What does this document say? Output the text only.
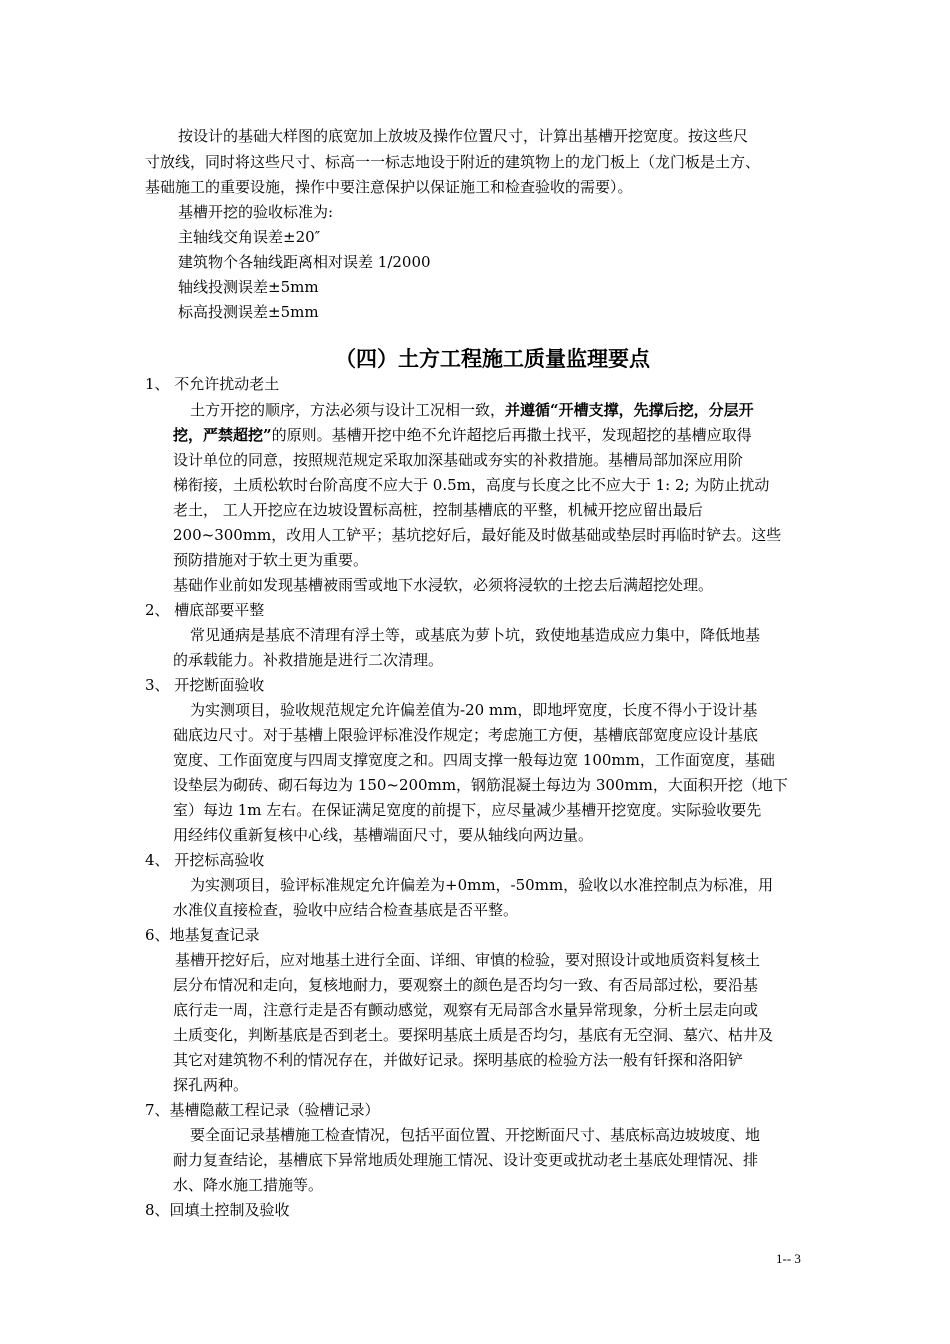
按设计的基础大样图的底宽加上放坡及操作位置尺寸，计算出基槽开挖宽度。按这些尺
寸放线，同时将这些尺寸、标高一一标志地设于附近的建筑物上的龙门板上（龙门板是土方、
基础施工的重要设施，操作中要注意保护以保证施工和检查验收的需要）。
基槽开挖的验收标准为:
主轴线交角误差±20″
建筑物个各轴线距离相对误差 1/2000
轴线投测误差±5mm
标高投测误差±5mm
（四）土方工程施工质量监理要点
1、 不允许扰动老土
土方开挖的顺序，方法必须与设计工况相一致，并遵循“开槽支撑，先撑后挖，分层开
挖，严禁超挖”的原则。基槽开挖中绝不允许超挖后再撒土找平，发现超挖的基槽应取得
设计单位的同意，按照规范规定采取加深基础或夯实的补救措施。基槽局部加深应用阶
梯衔接，土质松软时台阶高度不应大于 0.5m，高度与长度之比不应大于 1: 2; 为防止扰动
老土， 工人开挖应在边坡设置标高桩，控制基槽底的平整，机械开挖应留出最后
200~300mm，改用人工铲平；基坑挖好后，最好能及时做基础或垫层时再临时铲去。这些
预防措施对于软土更为重要。
基础作业前如发现基槽被雨雪或地下水浸软，必须将浸软的土挖去后满超挖处理。
2、 槽底部要平整
常见通病是基底不清理有浮土等，或基底为萝卜坑，致使地基造成应力集中，降低地基
的承载能力。补救措施是进行二次清理。
3、 开挖断面验收
为实测项目，验收规范规定允许偏差值为-20 mm，即地坪宽度，长度不得小于设计基
础底边尺寸。对于基槽上限验评标准没作规定；考虑施工方便，基槽底部宽度应设计基底
宽度、工作面宽度与四周支撑宽度之和。四周支撑一般每边宽 100mm，工作面宽度，基础
设垫层为砌砖、砌石每边为 150~200mm，钢筋混凝土每边为 300mm，大面积开挖（地下
室）每边 1m 左右。在保证满足宽度的前提下，应尽量减少基槽开挖宽度。实际验收要先
用经纬仪重新复核中心线，基槽端面尺寸，要从轴线向两边量。
4、 开挖标高验收
为实测项目，验评标准规定允许偏差为+0mm，-50mm，验收以水准控制点为标准，用
水准仪直接检查，验收中应结合检查基底是否平整。
6、地基复查记录
基槽开挖好后，应对地基土进行全面、详细、审慎的检验，要对照设计或地质资料复核土
层分布情况和走向，复核地耐力，要观察土的颜色是否均匀一致、有否局部过松，要沿基
底行走一周，注意行走是否有颤动感觉，观察有无局部含水量异常现象，分析土层走向或
土质变化，判断基底是否到老土。要探明基底土质是否均匀，基底有无空洞、墓穴、枯井及
其它对建筑物不利的情况存在，并做好记录。探明基底的检验方法一般有钎探和洛阳铲
探孔两种。
7、基槽隐蔽工程记录（验槽记录）
要全面记录基槽施工检查情况，包括平面位置、开挖断面尺寸、基底标高边坡坡度、地
耐力复查结论，基槽底下异常地质处理施工情况、设计变更或扰动老土基底处理情况、排
水、降水施工措施等。
8、回填土控制及验收
1-- 3
